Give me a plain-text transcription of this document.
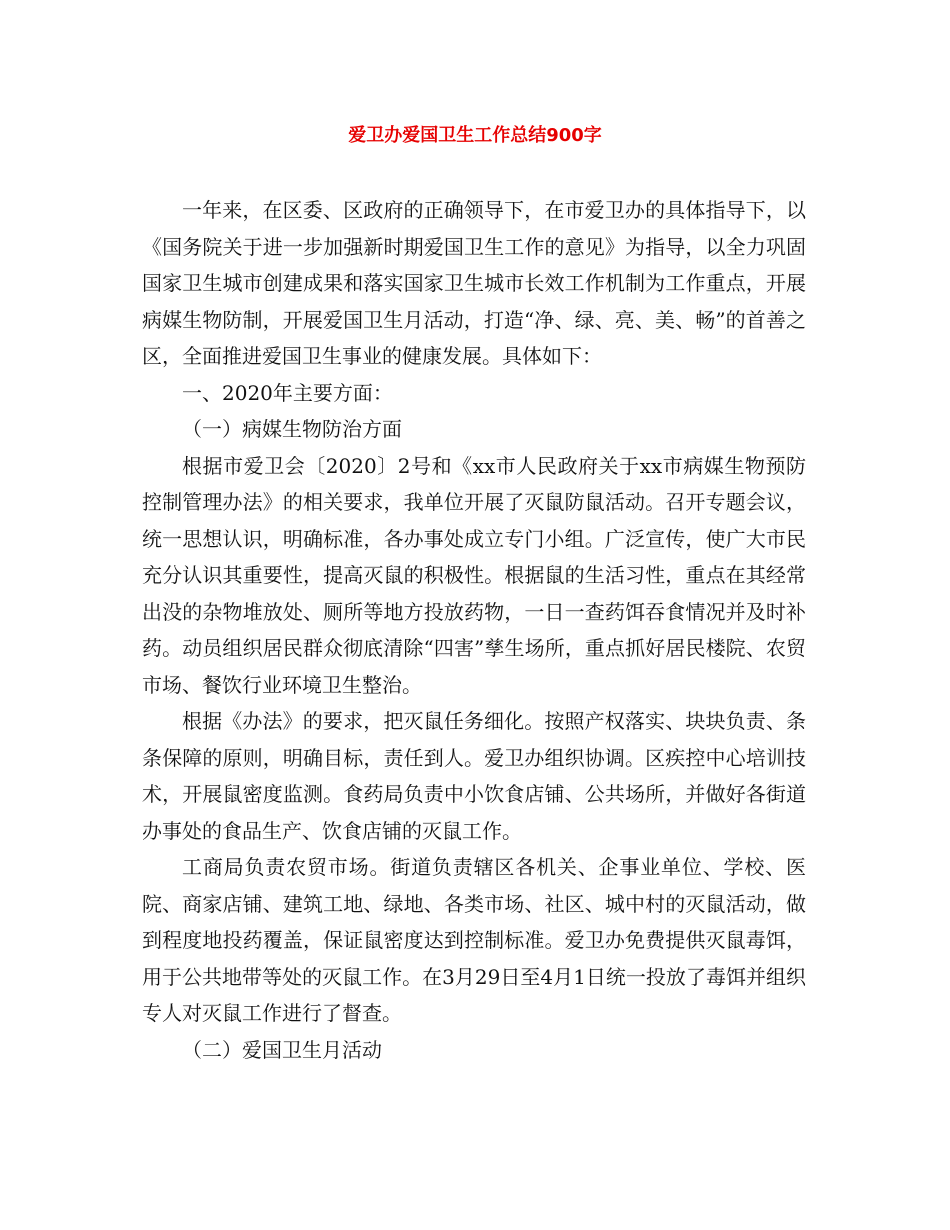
爱卫办爱国卫生工作总结900字

一年来，在区委、区政府的正确领导下，在市爱卫办的具体指导下，以《国务院关于进一步加强新时期爱国卫生工作的意见》为指导，以全力巩固国家卫生城市创建成果和落实国家卫生城市长效工作机制为工作重点，开展病媒生物防制，开展爱国卫生月活动，打造“净、绿、亮、美、畅”的首善之区，全面推进爱国卫生事业的健康发展。具体如下：

一、2020年主要方面：

（一）病媒生物防治方面

根据市爱卫会〔2020〕2号和《xx市人民政府关于xx市病媒生物预防控制管理办法》的相关要求，我单位开展了灭鼠防鼠活动。召开专题会议，统一思想认识，明确标准，各办事处成立专门小组。广泛宣传，使广大市民充分认识其重要性，提高灭鼠的积极性。根据鼠的生活习性，重点在其经常出没的杂物堆放处、厕所等地方投放药物，一日一查药饵吞食情况并及时补药。动员组织居民群众彻底清除“四害”孳生场所，重点抓好居民楼院、农贸市场、餐饮行业环境卫生整治。

根据《办法》的要求，把灭鼠任务细化。按照产权落实、块块负责、条条保障的原则，明确目标，责任到人。爱卫办组织协调。区疾控中心培训技术，开展鼠密度监测。食药局负责中小饮食店铺、公共场所，并做好各街道办事处的食品生产、饮食店铺的灭鼠工作。

工商局负责农贸市场。街道负责辖区各机关、企事业单位、学校、医院、商家店铺、建筑工地、绿地、各类市场、社区、城中村的灭鼠活动，做到程度地投药覆盖，保证鼠密度达到控制标准。爱卫办免费提供灭鼠毒饵，用于公共地带等处的灭鼠工作。在3月29日至4月1日统一投放了毒饵并组织专人对灭鼠工作进行了督查。

（二）爱国卫生月活动
